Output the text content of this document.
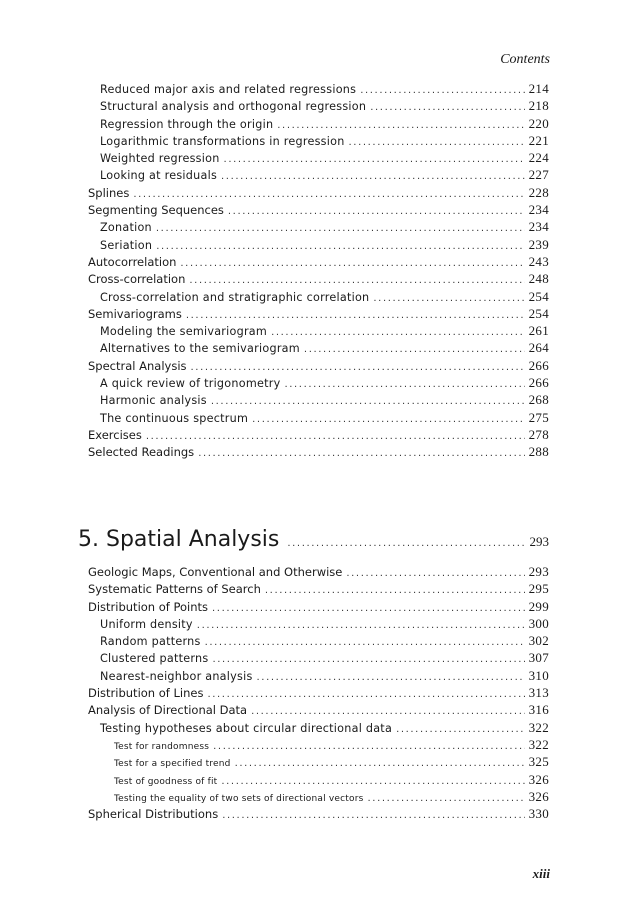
Contents
Reduced major axis and related regressions .....	214
Structural analysis and orthogonal regression .....	218
Regression through the origin .....	220
Logarithmic transformations in regression .....	221
Weighted regression .....	224
Looking at residuals .....	227
Splines .....	228
Segmenting Sequences .....	234
Zonation .....	234
Seriation .....	239
Autocorrelation .....	243
Cross-correlation .....	248
Cross-correlation and stratigraphic correlation .....	254
Semivariograms .....	254
Modeling the semivariogram .....	261
Alternatives to the semivariogram .....	264
Spectral Analysis .....	266
A quick review of trigonometry .....	266
Harmonic analysis .....	268
The continuous spectrum .....	275
Exercises .....	278
Selected Readings .....	288
5. Spatial Analysis .....	293
Geologic Maps, Conventional and Otherwise .....	293
Systematic Patterns of Search .....	295
Distribution of Points .....	299
Uniform density .....	300
Random patterns .....	302
Clustered patterns .....	307
Nearest-neighbor analysis .....	310
Distribution of Lines .....	313
Analysis of Directional Data .....	316
Testing hypotheses about circular directional data .....	322
Test for randomness .....	322
Test for a specified trend .....	325
Test of goodness of fit .....	326
Testing the equality of two sets of directional vectors .....	326
Spherical Distributions .....	330
xiii
